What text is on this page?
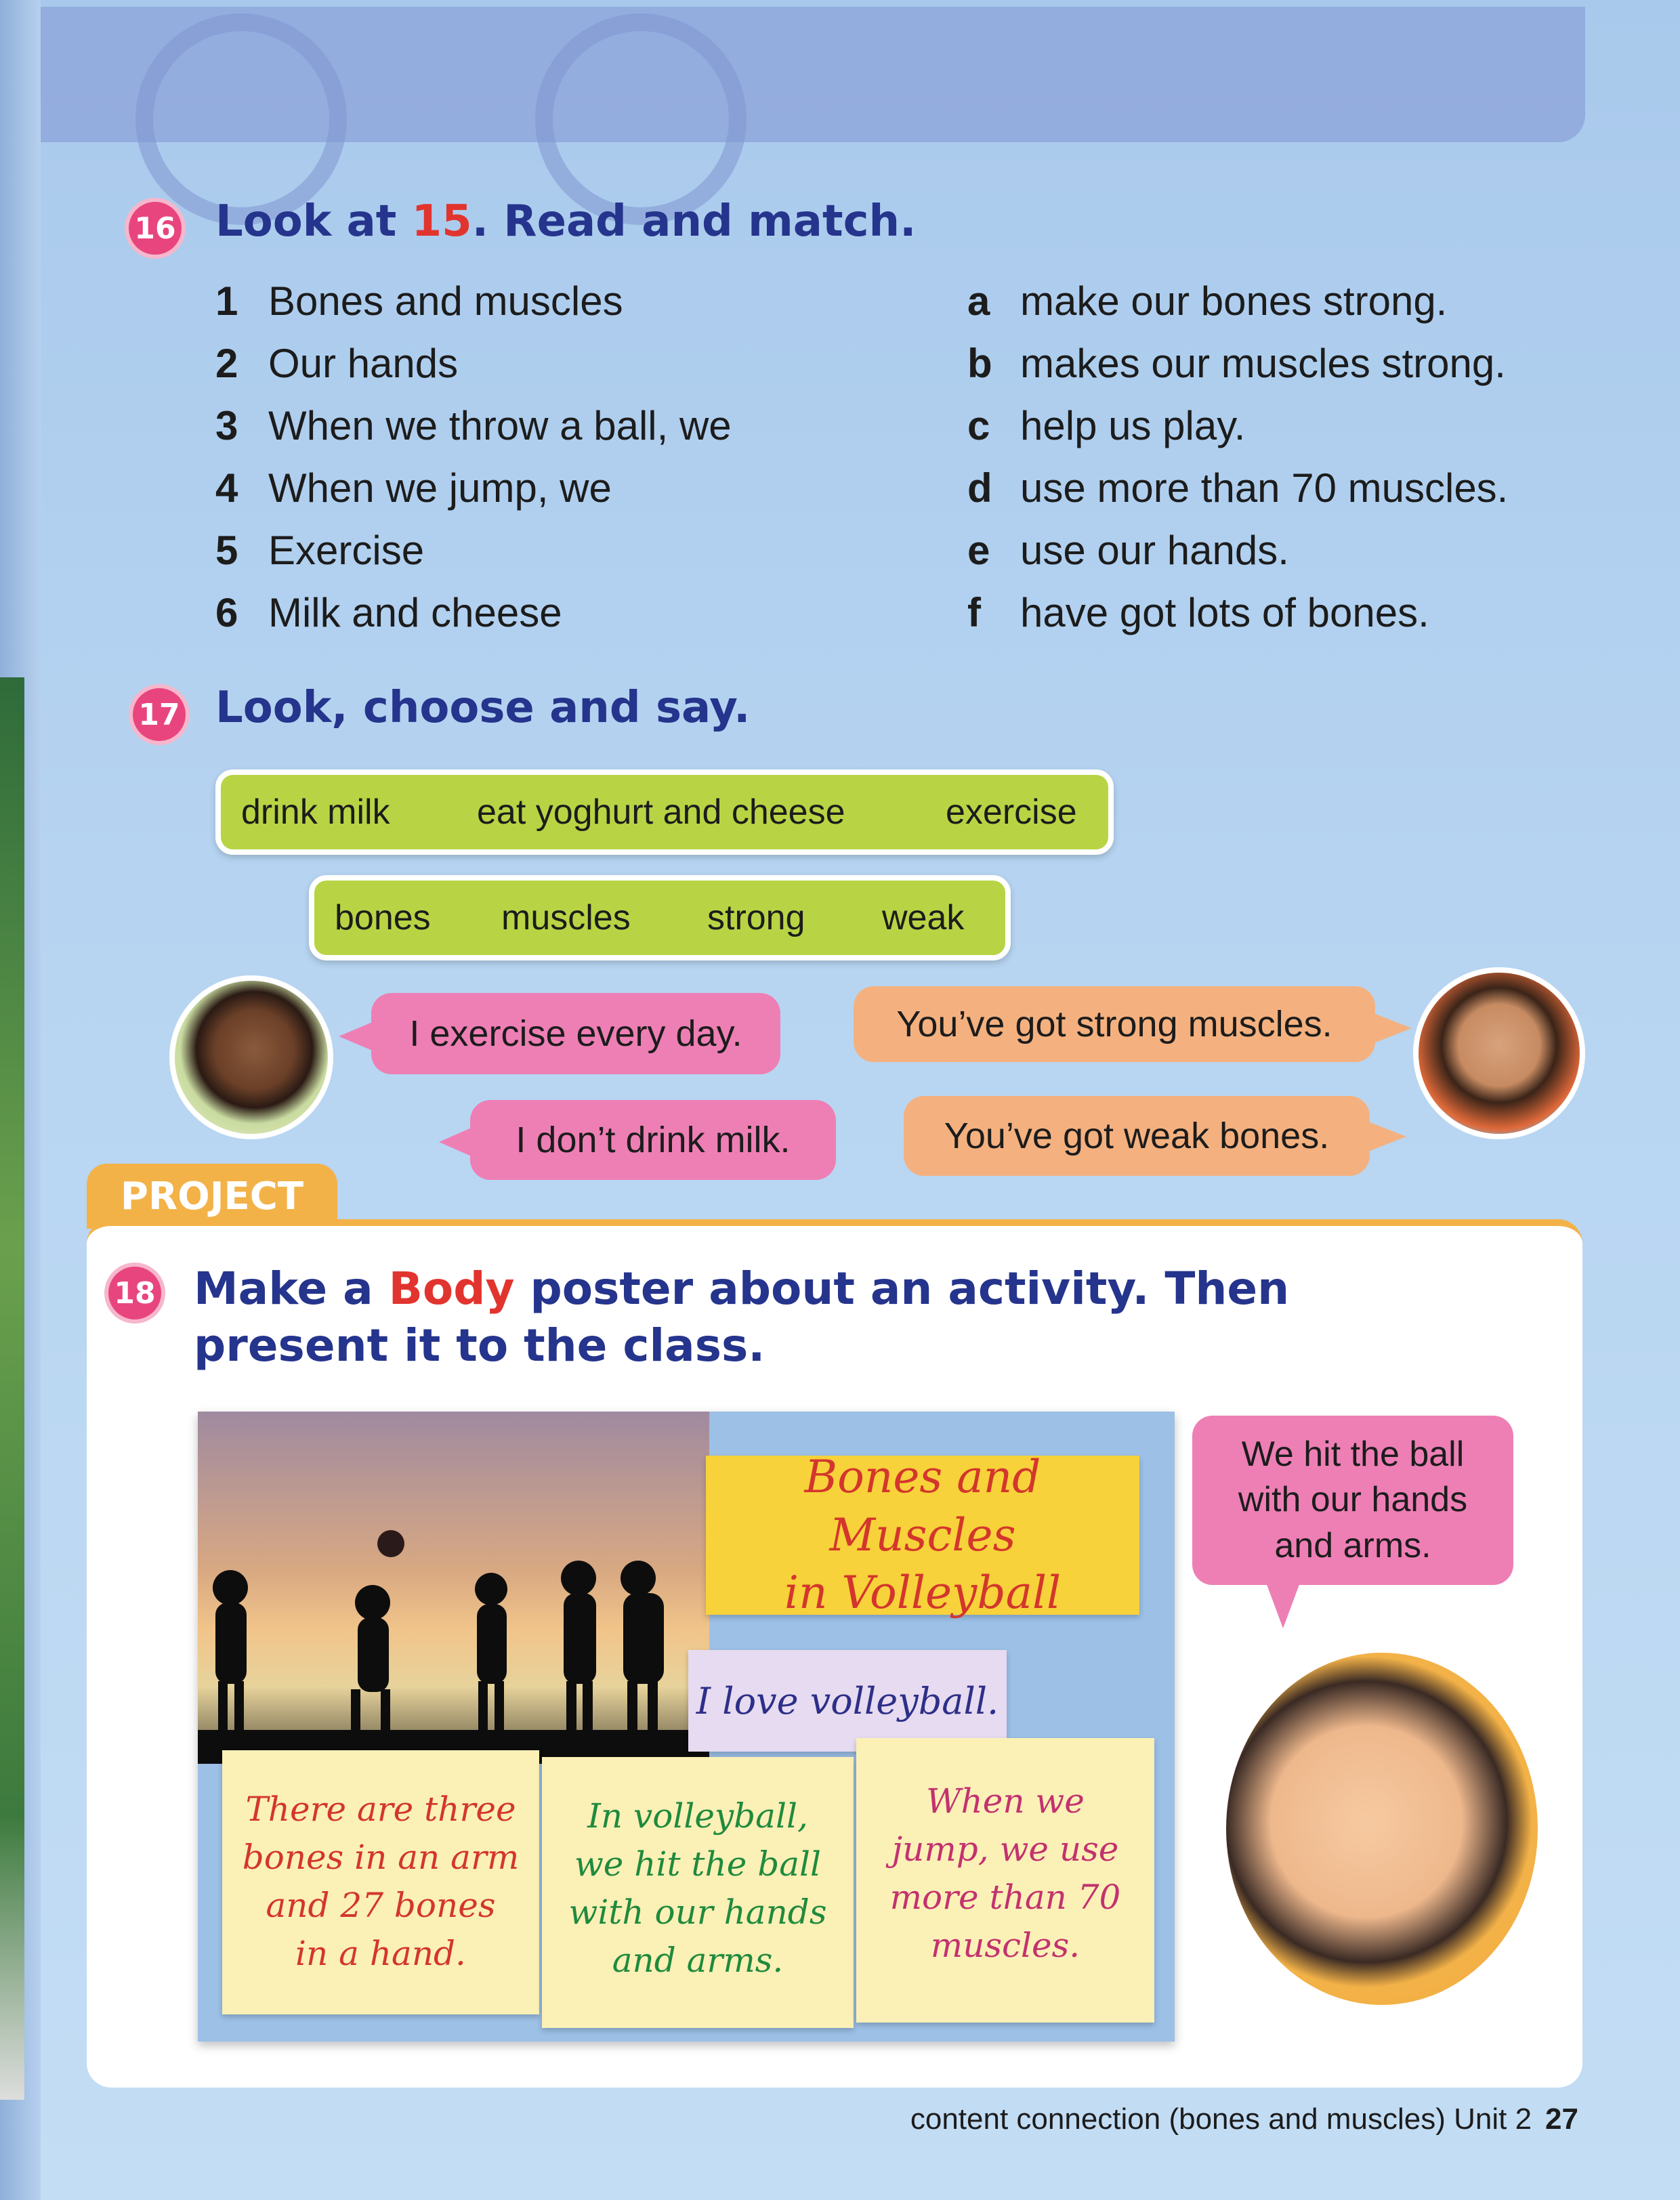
16 Look at 15. Read and match.
1 Bones and muscles
2 Our hands
3 When we throw a ball, we
4 When we jump, we
5 Exercise
6 Milk and cheese
a make our bones strong.
b makes our muscles strong.
c help us play.
d use more than 70 muscles.
e use our hands.
f have got lots of bones.
17 Look, choose and say.
drink milk eat yoghurt and cheese	exercise
bones muscles strong weak
I exercise every day.
I don’t drink milk.
You’ve got strong muscles.
You’ve got weak bones.
PROJECT
18 Make a Body poster about an activity. Then
present it to the class.
Bones and Muscles
in Volleyball
I love volleyball.
There are three
bones in an arm
and 27 bones
in a hand.
In volleyball,
we hit the ball
with our hands
and arms.
When we
jump, we use
more than 70
muscles.
We hit the ball
with our hands
and arms.
content connection (bones and muscles) Unit 2 27
